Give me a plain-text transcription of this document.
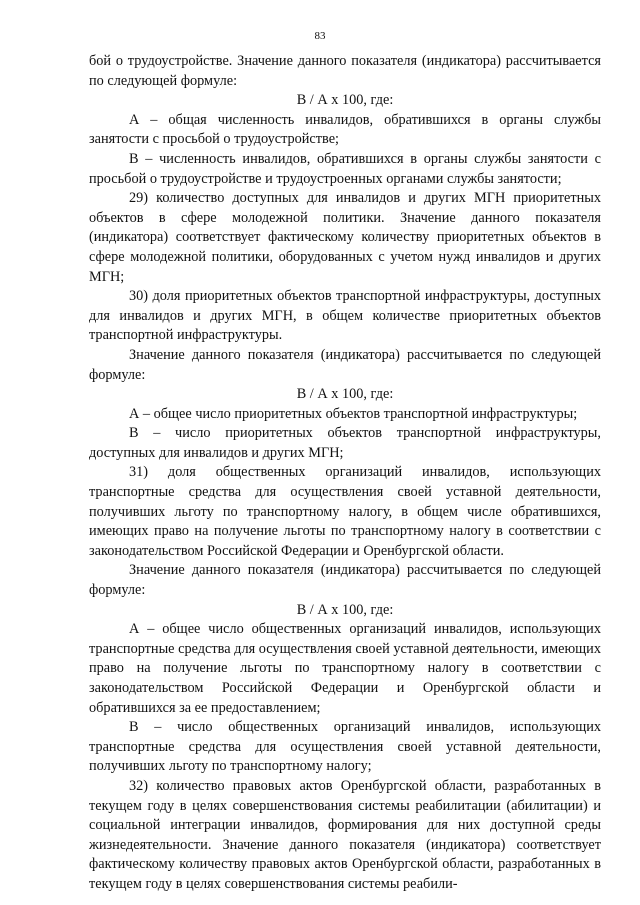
83

бой о трудоустройстве. Значение данного показателя (индикатора) рассчитывается по следующей формуле:

В / А х 100, где:

А – общая численность инвалидов, обратившихся в органы службы занятости с просьбой о трудоустройстве;

В – численность инвалидов, обратившихся в органы службы занятости с просьбой о трудоустройстве и трудоустроенных органами службы занятости;

29) количество доступных для инвалидов и других МГН приоритетных объектов в сфере молодежной политики. Значение данного показателя (индикатора) соответствует фактическому количеству приоритетных объектов в сфере молодежной политики, оборудованных с учетом нужд инвалидов и других МГН;

30) доля приоритетных объектов транспортной инфраструктуры, доступных для инвалидов и других МГН, в общем количестве приоритетных объектов транспортной инфраструктуры.

Значение данного показателя (индикатора) рассчитывается по следующей формуле:

В / А х 100, где:

А – общее число приоритетных объектов транспортной инфраструктуры;

В – число приоритетных объектов транспортной инфраструктуры, доступных для инвалидов и других МГН;

31) доля общественных организаций инвалидов, использующих транспортные средства для осуществления своей уставной деятельности, получивших льготу по транспортному налогу, в общем числе обратившихся, имеющих право на получение льготы по транспортному налогу в соответствии с законодательством Российской Федерации и Оренбургской области.

Значение данного показателя (индикатора) рассчитывается по следующей формуле:

В / А х 100, где:

А – общее число общественных организаций инвалидов, использующих транспортные средства для осуществления своей уставной деятельности, имеющих право на получение льготы по транспортному налогу в соответствии с законодательством Российской Федерации и Оренбургской области и обратившихся за ее предоставлением;

В – число общественных организаций инвалидов, использующих транспортные средства для осуществления своей уставной деятельности, получивших льготу по транспортному налогу;

32) количество правовых актов Оренбургской области, разработанных в текущем году в целях совершенствования системы реабилитации (абилитации) и социальной интеграции инвалидов, формирования для них доступной среды жизнедеятельности. Значение данного показателя (индикатора) соответствует фактическому количеству правовых актов Оренбургской области, разработанных в текущем году в целях совершенствования системы реабили-
